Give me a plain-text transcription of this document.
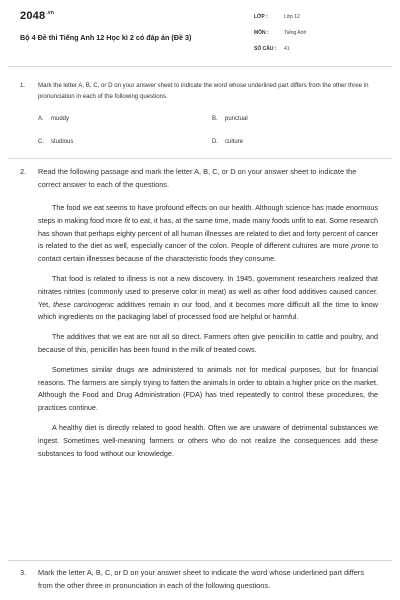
$2048^{.vn}$
Bộ 4 Đề thi Tiếng Anh 12 Học kì 2 có đáp án (Đề 3)
LỚP :	Lớp 12
MÔN :	Tiếng Anh
SỐ CÂU :	41
1. Mark the letter A, B, C, or D on your answer sheet to indicate the word whose underlined part differs from the other three in pronunciation in each of the following questions.
A. muddy	B. punctual
C. studious	D. culture
2. Read the following passage and mark the letter A, B, C, or D on your answer sheet to indicate the correct answer to each of the questions.

The food we eat seems to have profound effects on our health. Although science has made enormous steps in making food more fit to eat, it has, at the same time, made many foods unfit to eat. Some research has shown that perhaps eighty percent of all human illnesses are related to diet and forty percent of cancer is related to the diet as well, especially cancer of the colon. People of different cultures are more prone to contact certain illnesses because of the characteristic foods they consume.

That food is related to illness is not a new discovery. In 1945, government researchers realized that nitrates nitrites (commonly used to preserve color in meat) as well as other food additives caused cancer. Yet, these carcinogenic additives remain in our food, and it becomes more difficult all the time to know which ingredients on the packaging label of processed food are helpful or harmful.

The additives that we eat are not all so direct. Farmers often give penicillin to cattle and poultry, and because of this, penicillin has been found in the milk of treated cows.

Sometimes similar drugs are administered to animals not for medical purposes, but for financial reasons. The farmers are simply trying to fatten the animals in order to obtain a higher price on the market. Although the Food and Drug Administration (FDA) has tried repeatedly to control these procedures, the practices continue.

A healthy diet is directly related to good health. Often we are unaware of detrimental substances we ingest. Sometimes well-meaning farmers or others who do not realize the consequences add these substances to food without our knowledge.

3. Mark the letter A, B, C, or D on your answer sheet to indicate the word whose underlined part differs from the other three in pronunciation in each of the following questions.
